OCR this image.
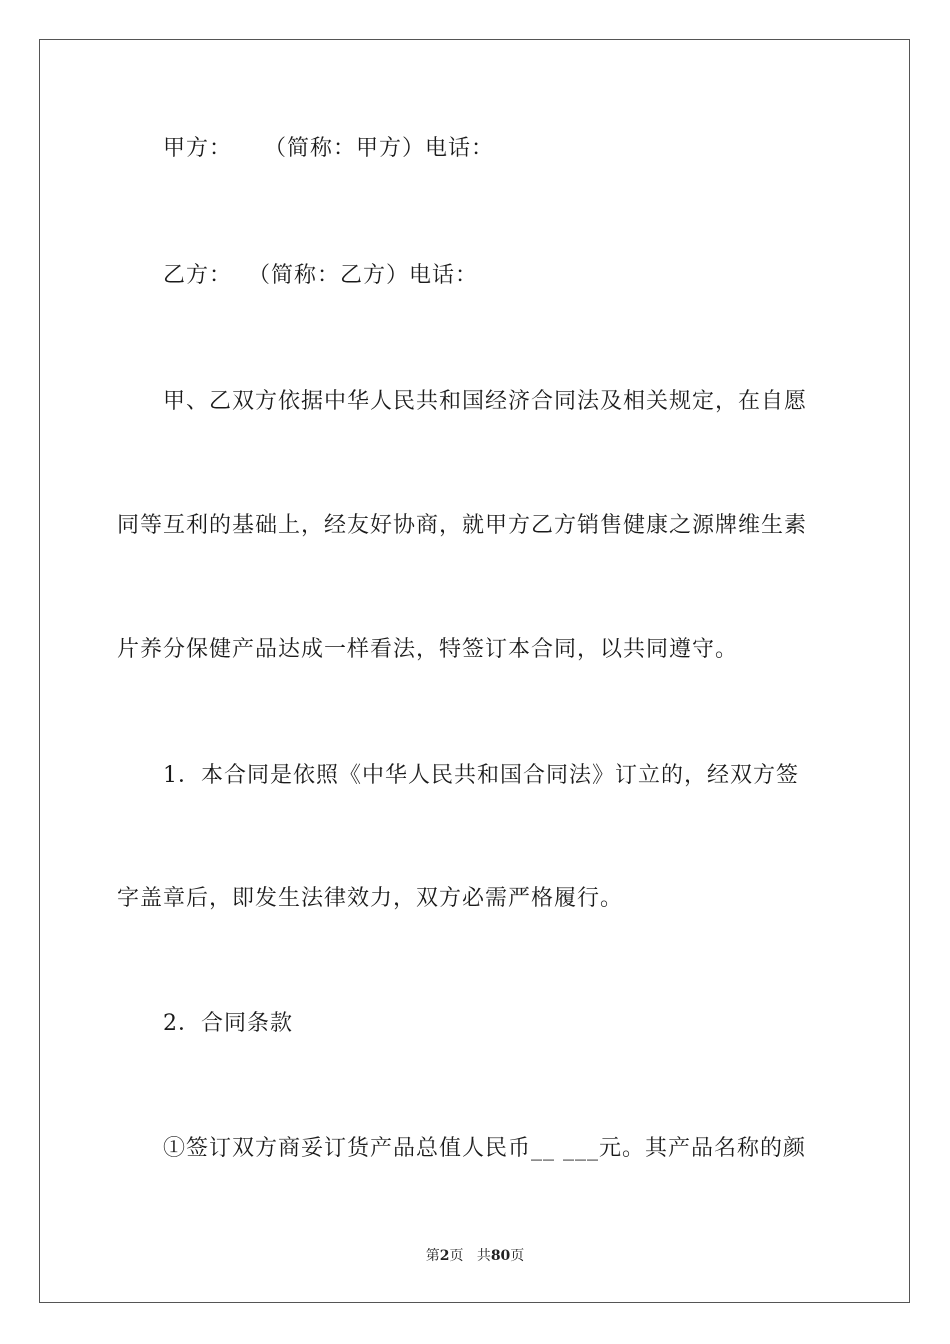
甲方：    （简称：甲方）电话：
乙方：  （简称：乙方）电话：
甲、乙双方依据中华人民共和国经济合同法及相关规定，在自愿
同等互利的基础上，经友好协商，就甲方乙方销售健康之源牌维生素
片养分保健产品达成一样看法，特签订本合同，以共同遵守。
1．本合同是依照《中华人民共和国合同法》订立的，经双方签
字盖章后，即发生法律效力，双方必需严格履行。
2．合同条款
①签订双方商妥订货产品总值人民币__ ___元。其产品名称的颜
第2页 共80页
